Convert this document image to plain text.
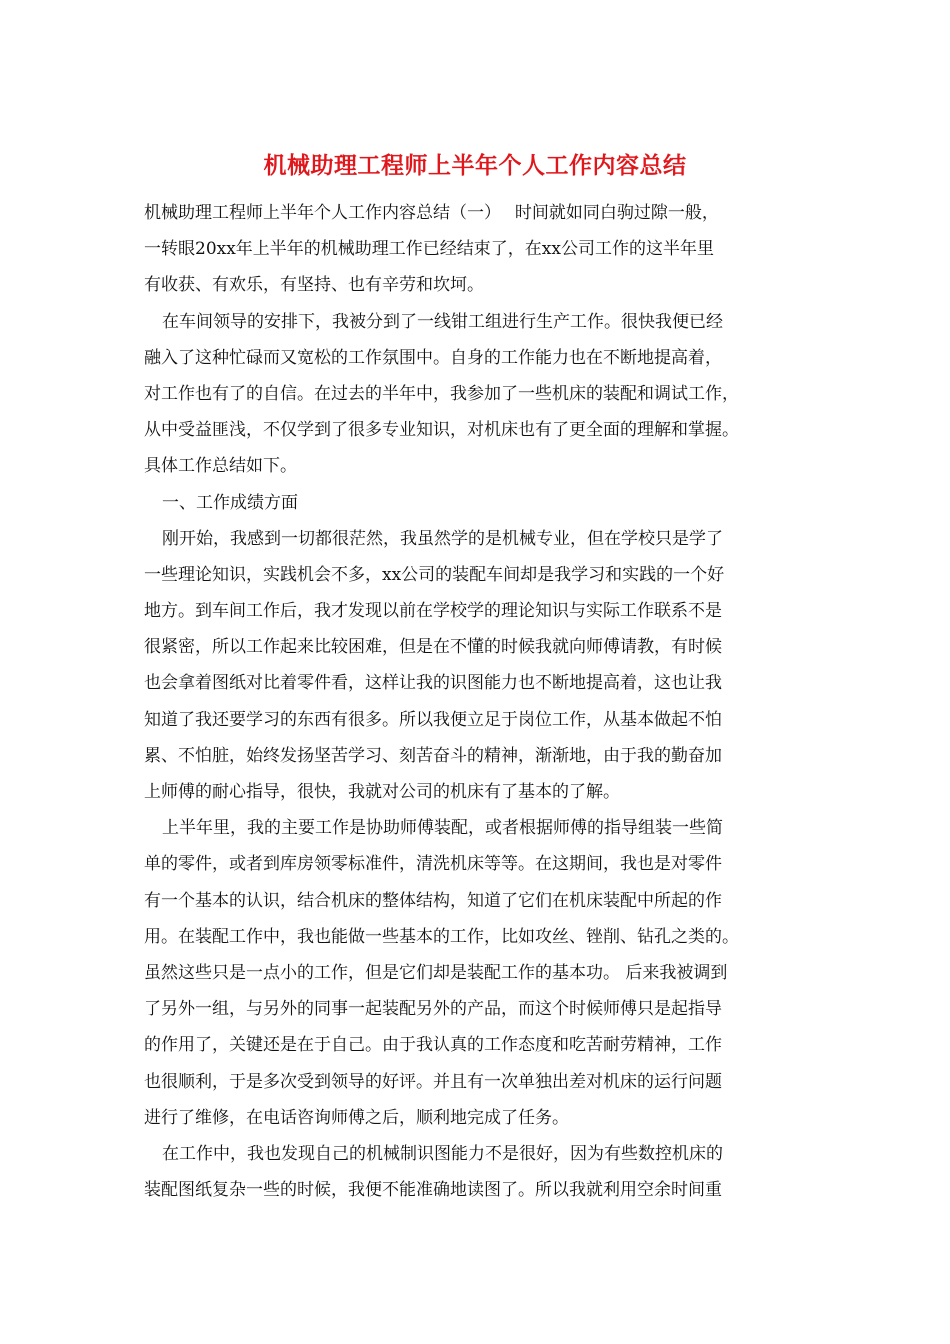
机械助理工程师上半年个人工作内容总结
机械助理工程师上半年个人工作内容总结（一）　 时间就如同白驹过隙一般，
一转眼20xx年上半年的机械助理工作已经结束了，在xx公司工作的这半年里
有收获、有欢乐，有坚持、也有辛劳和坎坷。
在车间领导的安排下，我被分到了一线钳工组进行生产工作。很快我便已经
融入了这种忙碌而又宽松的工作氛围中。自身的工作能力也在不断地提高着，
对工作也有了的自信。在过去的半年中，我参加了一些机床的装配和调试工作，
从中受益匪浅，不仅学到了很多专业知识，对机床也有了更全面的理解和掌握。
具体工作总结如下。
一、工作成绩方面
刚开始，我感到一切都很茫然，我虽然学的是机械专业，但在学校只是学了
一些理论知识，实践机会不多，xx公司的装配车间却是我学习和实践的一个好
地方。到车间工作后，我才发现以前在学校学的理论知识与实际工作联系不是
很紧密，所以工作起来比较困难，但是在不懂的时候我就向师傅请教，有时候
也会拿着图纸对比着零件看，这样让我的识图能力也不断地提高着，这也让我
知道了我还要学习的东西有很多。所以我便立足于岗位工作，从基本做起不怕
累、不怕脏，始终发扬坚苦学习、刻苦奋斗的精神，渐渐地，由于我的勤奋加
上师傅的耐心指导，很快，我就对公司的机床有了基本的了解。
上半年里，我的主要工作是协助师傅装配，或者根据师傅的指导组装一些简
单的零件，或者到库房领零标准件，清洗机床等等。在这期间，我也是对零件
有一个基本的认识，结合机床的整体结构，知道了它们在机床装配中所起的作
用。在装配工作中，我也能做一些基本的工作，比如攻丝、锉削、钻孔之类的。
虽然这些只是一点小的工作，但是它们却是装配工作的基本功。 后来我被调到
了另外一组，与另外的同事一起装配另外的产品，而这个时候师傅只是起指导
的作用了，关键还是在于自己。由于我认真的工作态度和吃苦耐劳精神，工作
也很顺利，于是多次受到领导的好评。并且有一次单独出差对机床的运行问题
进行了维修，在电话咨询师傅之后，顺利地完成了任务。
在工作中，我也发现自己的机械制识图能力不是很好，因为有些数控机床的
装配图纸复杂一些的时候，我便不能准确地读图了。所以我就利用空余时间重
